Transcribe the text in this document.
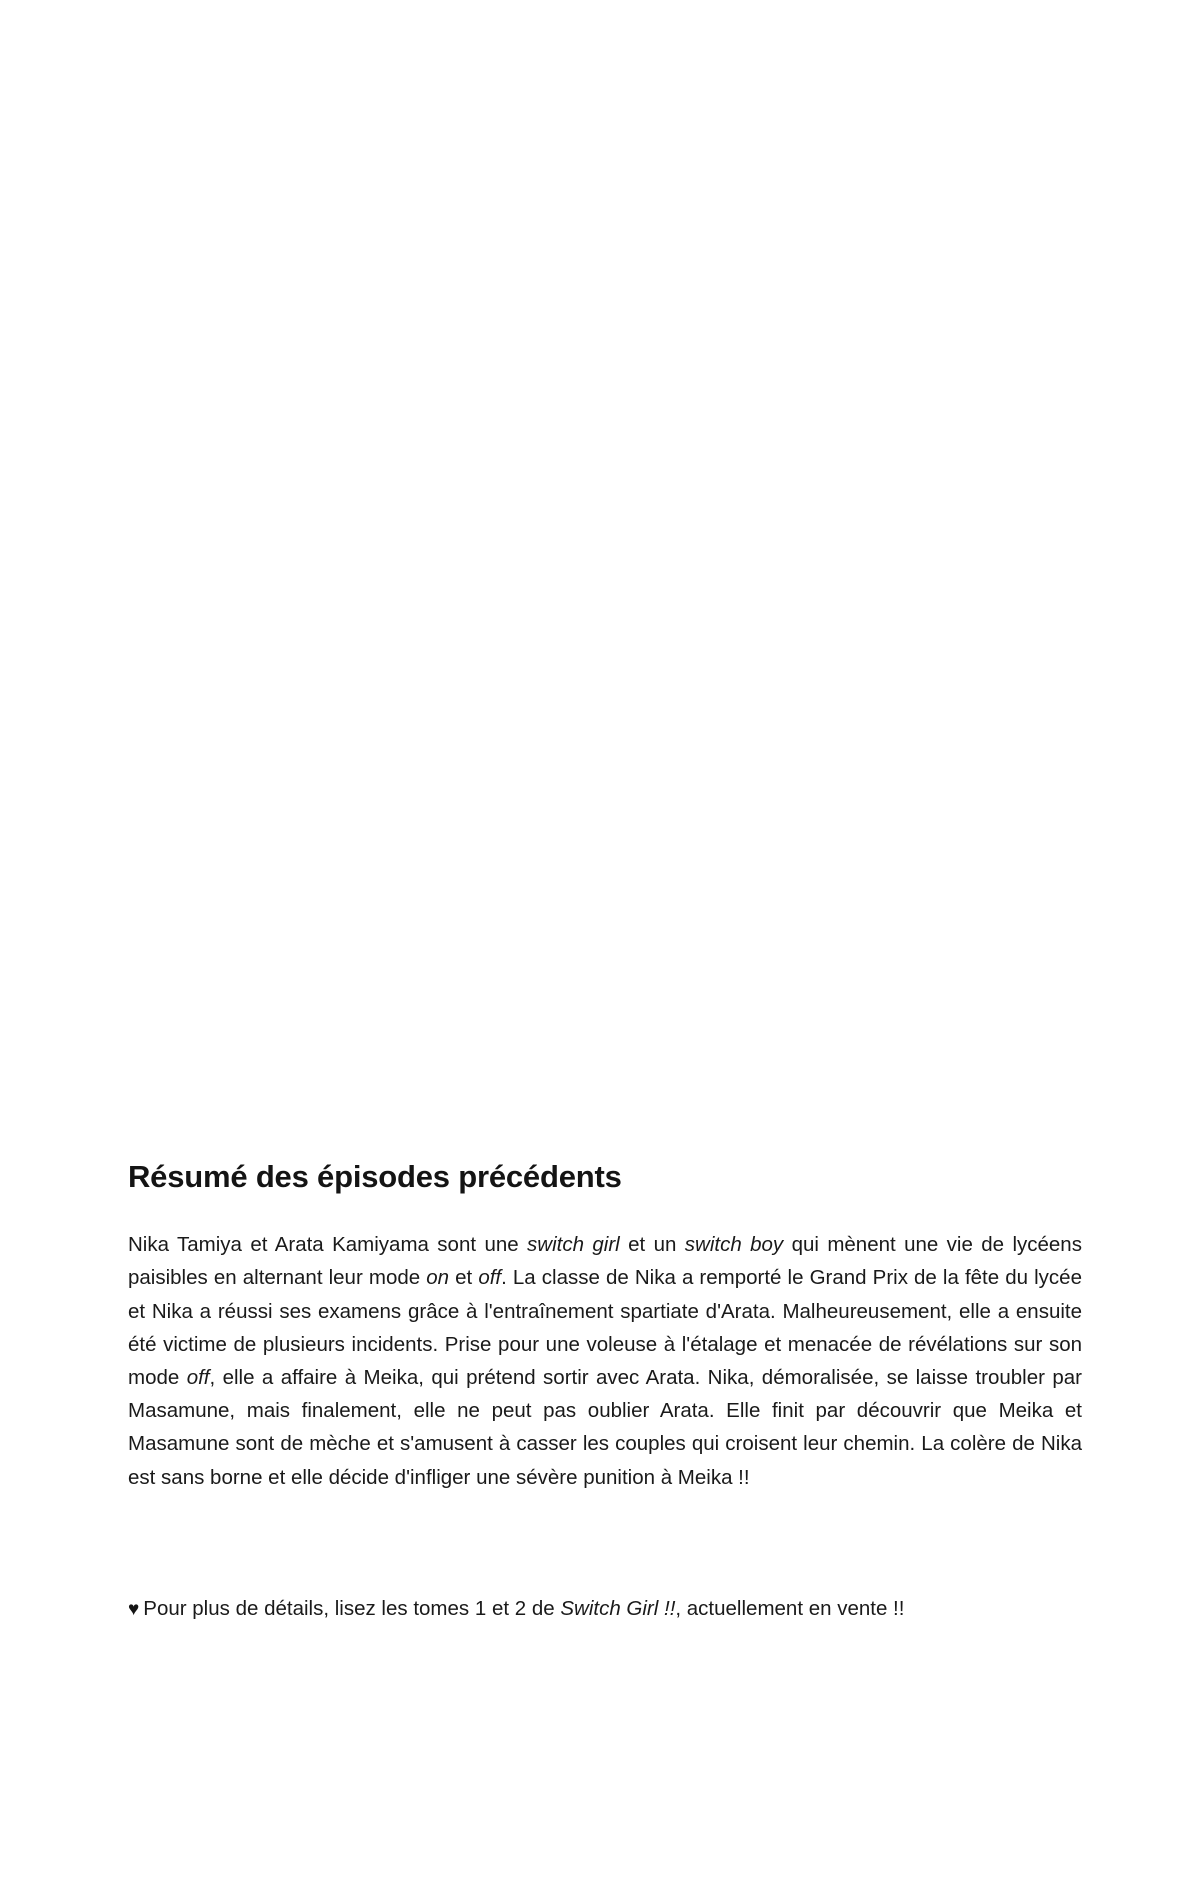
Résumé des épisodes précédents

Nika Tamiya et Arata Kamiyama sont une switch girl et un switch boy qui mènent une vie de lycéens paisibles en alternant leur mode on et off. La classe de Nika a remporté le Grand Prix de la fête du lycée et Nika a réussi ses examens grâce à l'entraînement spartiate d'Arata. Malheureusement, elle a ensuite été victime de plusieurs incidents. Prise pour une voleuse à l'étalage et menacée de révélations sur son mode off, elle a affaire à Meika, qui prétend sortir avec Arata. Nika, démoralisée, se laisse troubler par Masamune, mais finalement, elle ne peut pas oublier Arata. Elle finit par découvrir que Meika et Masamune sont de mèche et s'amusent à casser les couples qui croisent leur chemin. La colère de Nika est sans borne et elle décide d'infliger une sévère punition à Meika !!

♥ Pour plus de détails, lisez les tomes 1 et 2 de Switch Girl !!, actuellement en vente !!
